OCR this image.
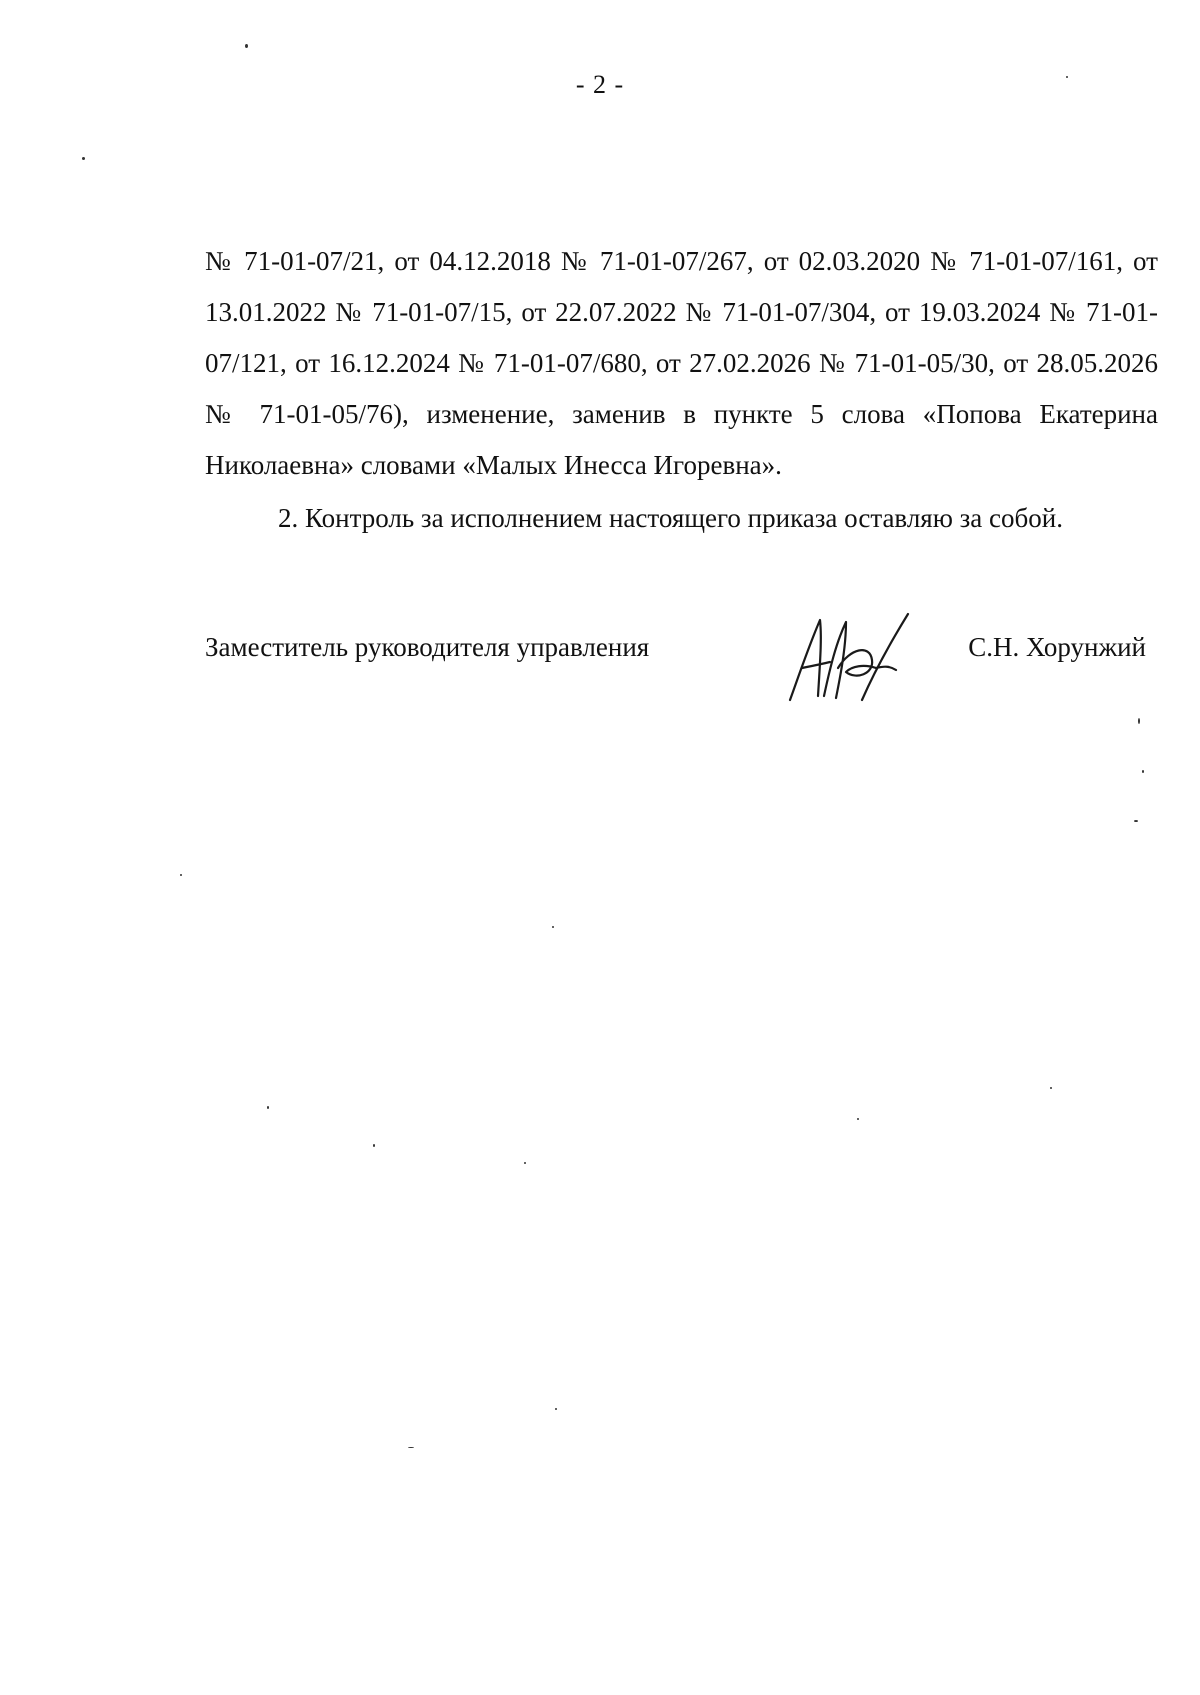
- 2 -

№ 71-01-07/21, от 04.12.2018 № 71-01-07/267, от 02.03.2020 № 71-01-07/161, от 13.01.2022 № 71-01-07/15, от 22.07.2022 № 71-01-07/304, от 19.03.2024 № 71-01-07/121, от 16.12.2024 № 71-01-07/680, от 27.02.2026 № 71-01-05/30, от 28.05.2026 № 71-01-05/76), изменение, заменив в пункте 5 слова «Попова Екатерина Николаевна» словами «Малых Инесса Игоревна».

2. Контроль за исполнением настоящего приказа оставляю за собой.

Заместитель руководителя управления	С.Н. Хорунжий
